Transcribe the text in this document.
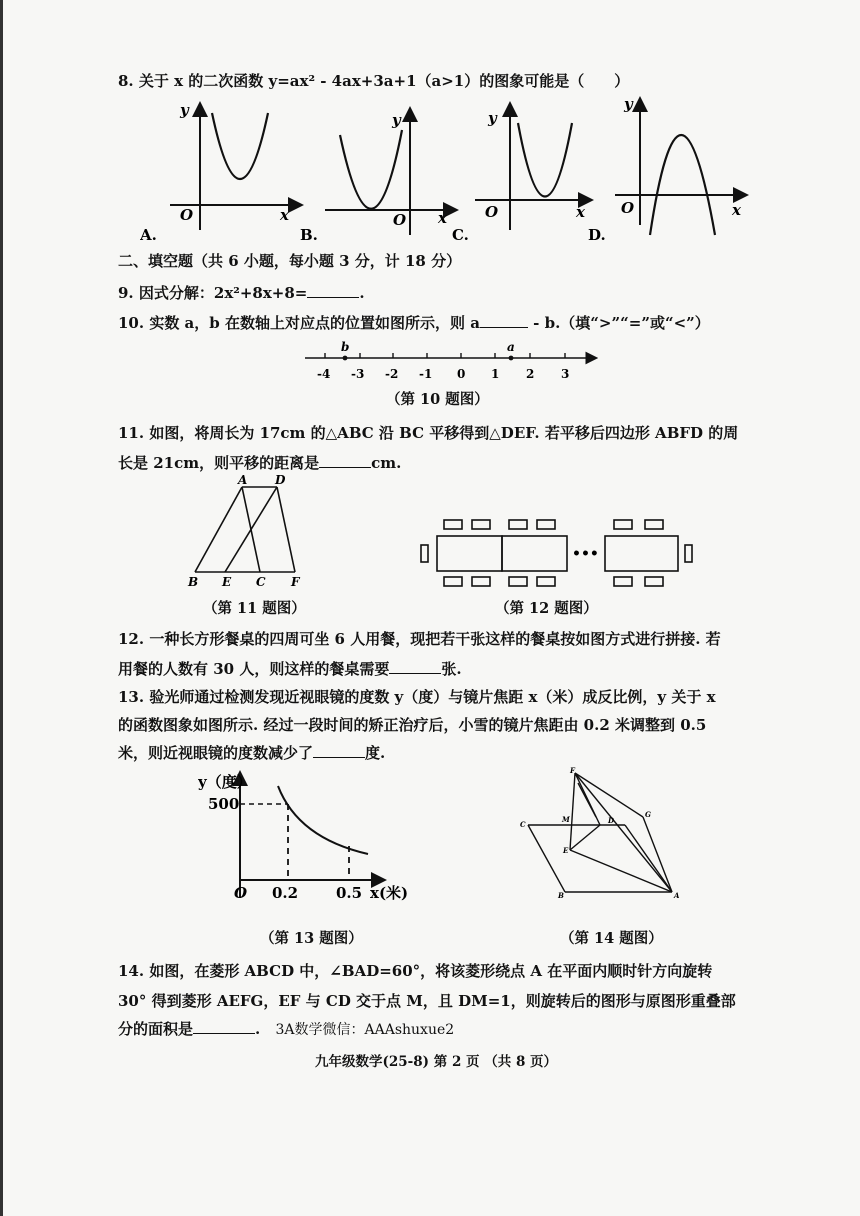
8. 关于 x 的二次函数 y=ax² - 4ax+3a+1（a>1）的图象可能是（　　）
y
x
O
A.
y
x
O
B.
y
x
O
C.
y
x
O
D.
二、填空题（共 6 小题，每小题 3 分，计 18 分）
9. 因式分解：2x²+8x+8=	.
10. 实数 a，b 在数轴上对应点的位置如图所示，则 a	- b.（填“>”“=”或“<”）
b	a
-4 -3 -2 -1 0 1 2 3
（第 10 题图）
11. 如图，将周长为 17cm 的△ABC 沿 BC 平移得到△DEF. 若平移后四边形 ABFD 的周
长是 21cm，则平移的距离是	cm.
A D
B E C F
（第 11 题图）
•••
（第 12 题图）
12. 一种长方形餐桌的四周可坐 6 人用餐，现把若干张这样的餐桌按如图方式进行拼接. 若
用餐的人数有 30 人，则这样的餐桌需要	张.
13. 验光师通过检测发现近视眼镜的度数 y（度）与镜片焦距 x（米）成反比例，y 关于 x
的函数图象如图所示. 经过一段时间的矫正治疗后，小雪的镜片焦距由 0.2 米调整到 0.5
米，则近视眼镜的度数减少了	度.
y（度）
500
O 0.2	0.5 x(米)
（第 13 题图）
F
G
C
M	D
E
B	A
（第 14 题图）
14. 如图，在菱形 ABCD 中，∠BAD=60°，将该菱形绕点 A 在平面内顺时针方向旋转
30° 得到菱形 AEFG，EF 与 CD 交于点 M，且 DM=1，则旋转后的图形与原图形重叠部
分的面积是	. 3A数学微信：AAAshuxue2
九年级数学(25-8) 第 2 页 （共 8 页）
